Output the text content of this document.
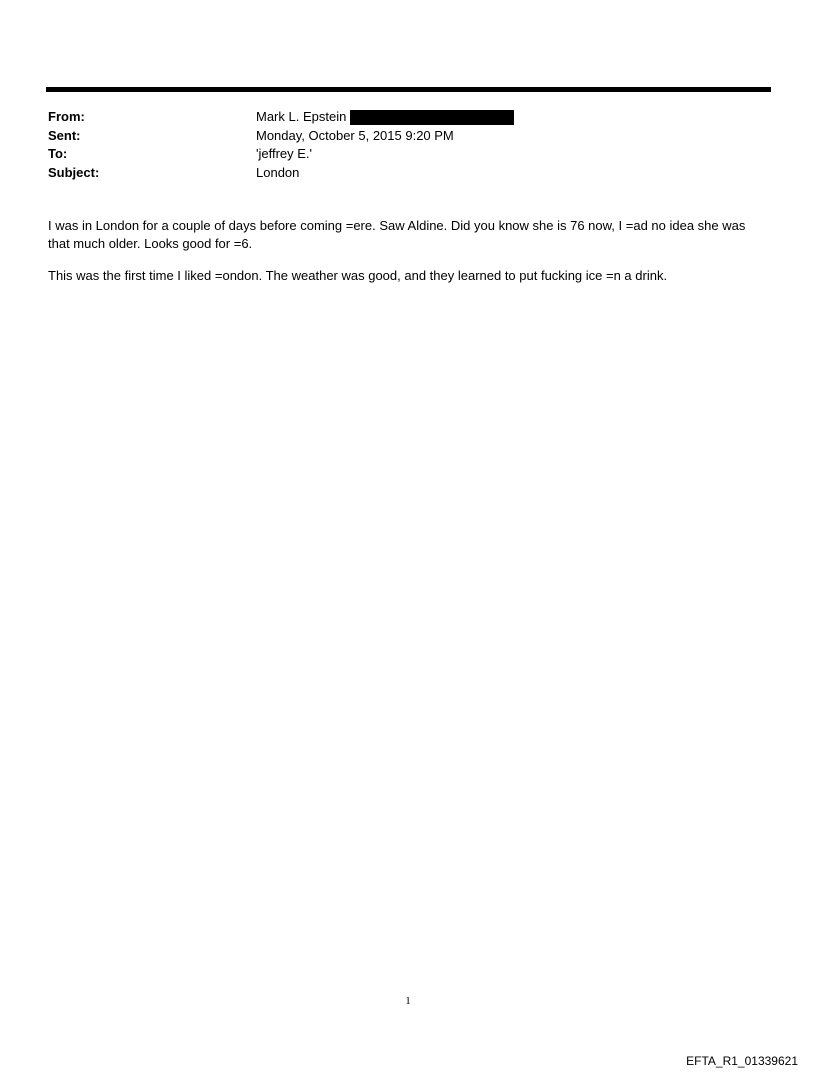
From:	Mark L. Epstein
Sent:	Monday, October 5, 2015 9:20 PM
To:	'jeffrey E.'
Subject:	London

I was in London for a couple of days before coming =ere. Saw Aldine. Did you know she is 76 now, I =ad no idea she was that much older. Looks good for =6.

This was the first time I liked =ondon. The weather was good, and they learned to put fucking ice =n a drink.

1
EFTA_R1_01339621
